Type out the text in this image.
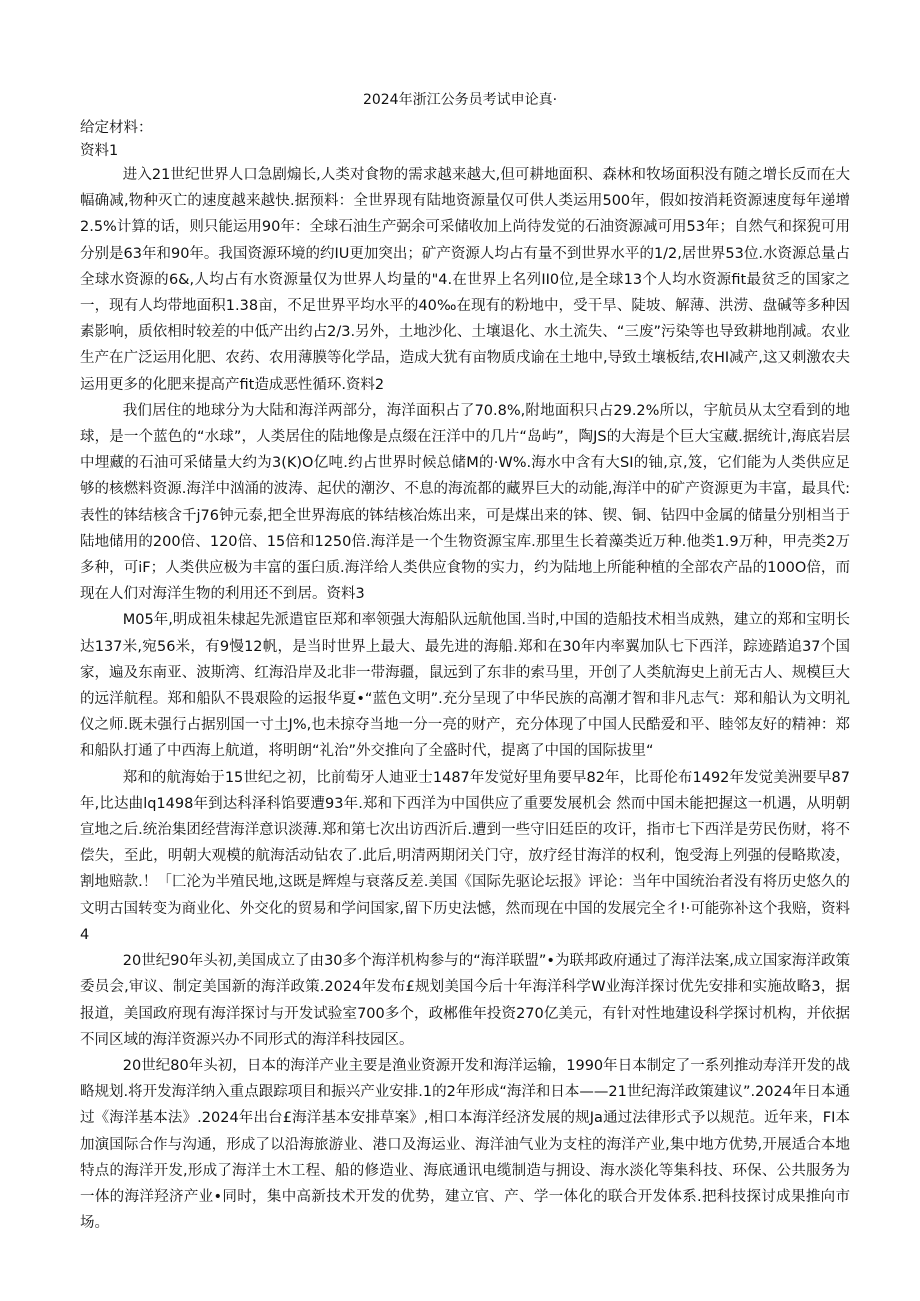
2024年浙江公务员考试申论真·
给定材料：
资料1

进入21世纪世界人口急剧煽长,人类对食物的需求越来越大,但可耕地面积、森林和牧场面积没有随之增长反而在大幅确减,物种灭亡的速度越来越快.据预料：全世界现有陆地资源量仅可供人类运用500年，假如按消耗资源速度每年递增2.5%计算的话，则只能运用90年：全球石油生产弼余可采储收加上尚待发觉的石油资源减可用53年；自然气和探猊可用分别是63年和90年。我国资源环境的约IU更加突出；矿产资源人均占有量不到世界水平的1/2,居世界53位.水资源总量占全球水资源的6&,人均占有水资源量仅为世界人均量的"4.在世界上名列II0位,是全球13个人均水资源fit最贫乏的国家之一，现有人均带地面积1.38亩，不足世界平均水平的40‰在现有的粉地中，受干旱、陡坡、解薄、洪涝、盘碱等多种因素影响，质依相时较差的中低产出约占2/3.另外，土地沙化、土壤退化、水土流失、“三废”污染等也导致耕地削减。农业生产在广泛运用化肥、农药、农用薄膜等化学品，造成大犹有亩物质戌谕在土地中,导致土壤板结,农HI减产,这又刺激农夫运用更多的化肥来提高产fit造成恶性循环.资料2

我们居住的地球分为大陆和海洋两部分，海洋面积占了70.8%,附地面积只占29.2%所以，宇航员从太空看到的地球，是一个蓝色的“水球”，人类居住的陆地像是点缀在汪洋中的几片“岛屿”，陶JS的大海是个巨大宝藏.据统计,海底岩层中埋藏的石油可采储量大约为3(K)O亿吨.约占世界时候总储M的·W%.海水中含有大SI的铀,京,笈，它们能为人类供应足够的核燃料资源.海洋中汹涌的波涛、起伏的潮汐、不息的海流都的藏界巨大的动能,海洋中的矿产资源更为丰富，最具代:表性的钵结核含千j76钟元泰,把全世界海底的钵结核冶炼出来，可是煤出来的钵、锲、铜、钻四中金属的储量分别相当于陆地储用的200倍、120倍、15倍和1250倍.海洋是一个生物资源宝库.那里生长着藻类近万种.他类1.9万种，甲壳类2万多种，可iF；人类供应极为丰富的蛋臼质.海洋给人类供应食物的实力，约为陆地上所能种植的全部农产品的100O倍，而现在人们对海洋生物的利用还不到居。资料3

M05年,明成祖朱棣起先派遣宦臣郑和率领强大海船队远航他国.当时,中国的造船技术相当成熟，建立的郑和宝明长达137米,宛56米，有9慢12帆，是当时世界上最大、最先进的海船.郑和在30年内率翼加队七下西洋，踪迹踏追37个国家，遍及东南亚、波斯湾、红海沿岸及北非一带海疆，鼠远到了东非的索马里，开创了人类航海史上前无古人、规模巨大的远洋航程。郑和船队不畏艰险的运报华夏•“蓝色文明”.充分呈现了中华民族的高潮才智和非凡志气：郑和船认为文明礼仪之师.既未强行占据别国一寸土J%,也未掠夺当地一分一亮的财产，充分体现了中国人民酷爱和平、睦邻友好的精神：郑和船队打通了中西海上航道，将明朗“礼治”外交推向了全盛时代，提离了中国的国际拔里“

郑和的航海始于15世纪之初，比前萄牙人迪亚士1487年发觉好里角要早82年，比哥伦布1492年发觉美洲要早87年,比达曲lq1498年到达科泽科馅要遭93年.郑和下西洋为中国供应了重要发展机会 然而中国未能把握这一机遇，从明朝宣地之后.统治集团经营海洋意识淡薄.郑和第七次出访西沂后.遭到一些守旧廷臣的攻讦，指市七下西洋是劳民伤财，将不偿失，至此，明朝大观模的航海活动钻农了.此后,明清两期闭关门守，放疗经甘海洋的权利，饱受海上列强的侵略欺凌，割地赔款.！「匚沦为半殖民地,这既是辉煌与衰落反差.美国《国际先驱论坛报》评论：当年中国统治者没有将历史悠久的文明古国转变为商业化、外交化的贸易和学问国家,留下历史法憾，然而现在中国的发展完全彳!·可能弥补这个我赔，资料4

20世纪90年头初,美国成立了由30多个海洋机构参与的“海洋联盟”•为联邦政府通过了海洋法案,成立国家海洋政策委员会,审议、制定美国新的海洋政策.2024年发布£规划美国今后十年海洋科学W业海洋探讨优先安排和实施故略3，据报道，美国政府现有海洋探讨与开发试验室700多个，政郴倠年投资270亿美元，有针对性地建设科学探讨机构，并依据不同区域的海洋资源兴办不同形式的海洋科技园区。

20世纪80年头初，日本的海洋产业主要是渔业资源开发和海洋运输，1990年日本制定了一系列推动寿洋开发的战略规划.将开发海洋纳入重点跟踪项目和振兴产业安排.1的2年形成“海洋和日本——21世纪海洋政策建议”.2024年日本通过《海洋基本法》.2024年出台£海洋基本安排草案》,相口本海洋经济发展的规Ja通过法律形式予以规范。近年来，FI本加演国际合作与沟通，形成了以沿海旅游业、港口及海运业、海洋油气业为支柱的海洋产业,集中地方优势,开展适合本地特点的海洋开发,形成了海洋土木工程、船的修造业、海底通讯电缆制造与拥设、海水淡化等集科技、环保、公共服务为一体的海洋羟济产业•同时，集中高新技术开发的优势，建立官、产、学一体化的联合开发体系.把科技探讨成果推向市场。
